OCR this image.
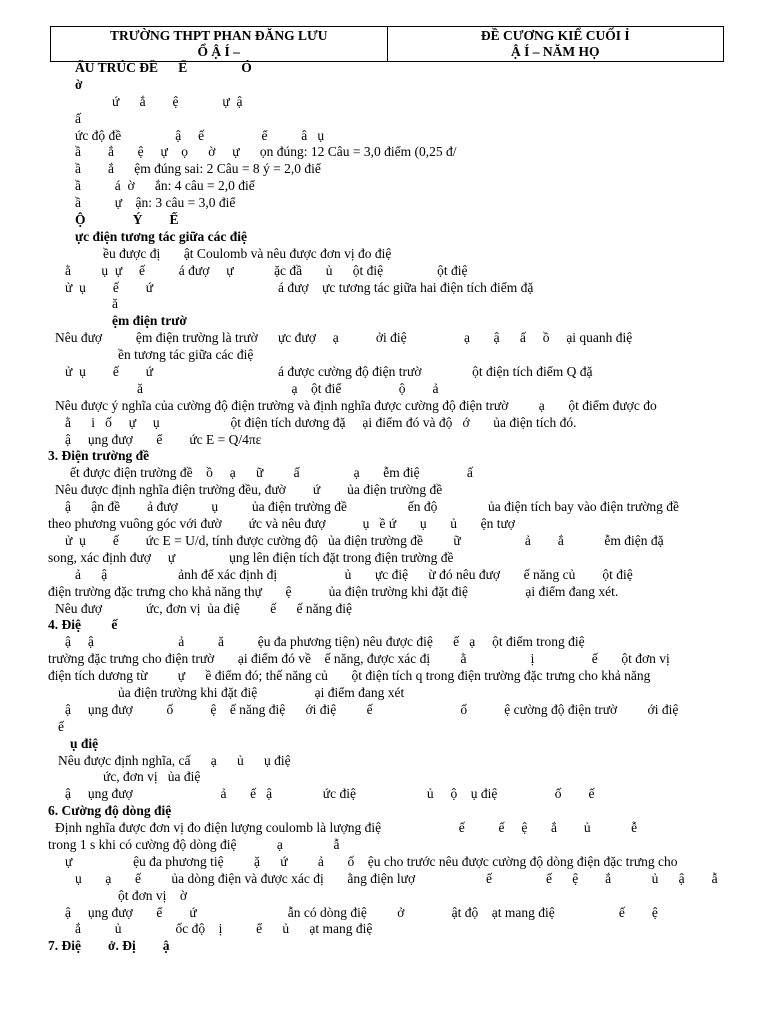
TRƯỜNG THPT PHAN ĐĂNG LƯU
Ổ Ậ Í –
ĐỀ CƯƠNG KIỂ CUỐI Ỉ
Ậ Í – NĂM HỌ
ẤU TRÚC ĐỀ      Ế                Ó
ờ
ứ      ắ        ệ             ự  ậ
ấ
ức độ đề                ậ     ế                 ể          â   ụ
ầ        ắ       ệ     ự    ọ      ờ     ự      ọn đúng: 12 Câu = 3,0 điểm (0,25 đ/
ầ        ắ      ệm đúng sai: 2 Câu = 8 ý = 2,0 điể
ầ          á  ờ      ắn: 4 câu = 2,0 điể
ầ          ự    ận: 3 câu = 3,0 điể
Ộ              Ý        Ế
ực điện tương tác giữa các điệ
ều được đị       ật Coulomb và nêu được đơn vị đo điệ
ằ         ụ  ự     ế          á đượ     ự            ặc đầ       ủ      ột điệ                ột điệ
ử  ụ        ế        ứ                                     á đượ    ực tương tác giữa hai điện tích điểm đặ
ă
ệm điện trườ
Nêu đượ          ệm điện trường là trườ      ực đượ     ạ           ởi điệ                 ạ       ậ      ấ     ồ     ại quanh điệ
ền tương tác giữa các điệ
ử  ụ        ế        ứ                                     á được cường độ điện trườ               ột điện tích điểm Q đặ
ă                                            ạ    ột điể                 ộ        ả
Nêu được ý nghĩa của cường độ điện trường và định nghĩa được cường độ điện trườ         ạ       ột điểm được đo
ằ      i   ố     ự     ụ                     ột điện tích dương đặ     ại điểm đó và độ   ớ       ủa điện tích đó.
ậ     ụng đượ       ể        ức E = Q/4πε
3. Điện trường đề
ết được điện trường đề    ồ     ạ      ữ         ấ                ạ       ễm điệ              ấ
Nêu được định nghĩa điện trường đều, đườ        ứ        ủa điện trường đề
ậ      ận đề        ả đượ          ụ          ủa điện trường đề                  ến độ               ủa điện tích bay vào điện trường đề
theo phương vuông góc với đườ        ức và nêu đượ           ụ   ề ứ       ụ       ủ       ện tượ
ử  ụ        ế        ức E = U/d, tính được cường độ   ủa điện trường đề         ữ                   ả        ắ            ễm điện đặ
song, xác định đượ     ự                ụng lên điện tích đặt trong điện trường đề
ả      ậ                     ảnh để xác định đị                    ủ       ực điệ      ừ đó nêu đượ       ế năng củ        ột điệ
điện trường đặc trưng cho khả năng thự       ệ           ủa điện trường khi đặt điệ                 ại điểm đang xét.
Nêu đượ             ức, đơn vị  ủa điệ         ế      ế năng điệ
4. Điệ         ế
ậ     ậ                         ả          ă          ệu đa phương tiện) nêu được điệ      ế   ạ     ột điểm trong điệ
trường đặc trưng cho điện trườ       ại điểm đó về    ế năng, được xác đị         ằ                   ị                 ế       ột đơn vị
điện tích dương từ         ự      ề điểm đó; thế năng củ       ột điện tích q trong điện trường đặc trưng cho khả năng
ủa điện trường khi đặt điệ                 ại điểm đang xét
ậ     ụng đượ          ố           ệ    ế năng điệ      ới điệ         ế                          ố           ệ cường độ điện trườ         ới điệ
ế
ụ điệ
Nêu được định nghĩa, cấ      ạ      ủ      ụ điệ
ức, đơn vị   ủa điệ
ậ     ụng đượ                          ả       ế   ậ               ức điệ                     ủ     ộ    ụ điệ                 ố        ế
6. Cường độ dòng điệ
Định nghĩa được đơn vị đo điện lượng coulomb là lượng điệ                       ế          ế     ệ       ắ        ủ            ễ
trong 1 s khi có cường độ dòng điệ            ạ               ẫ
ự                  ệu đa phương tiệ         ặ      ứ         ả       ố    ệu cho trước nêu được cường độ dòng điện đặc trưng cho
ụ       ạ       ế         ủa dòng điện và được xác đị       ằng điện lượ                     ế                ế      ệ        ắ            ủ      ậ        ẫ
ột đơn vị    ờ
ậ     ụng đượ       ể        ứ                           ẫn có dòng điệ         ở              ật độ    ạt mang điệ                   ế        ệ
ắ          ủ                ốc độ    ị          ể      ủ      ạt mang điệ
7. Điệ        ở. Đị        ậ
